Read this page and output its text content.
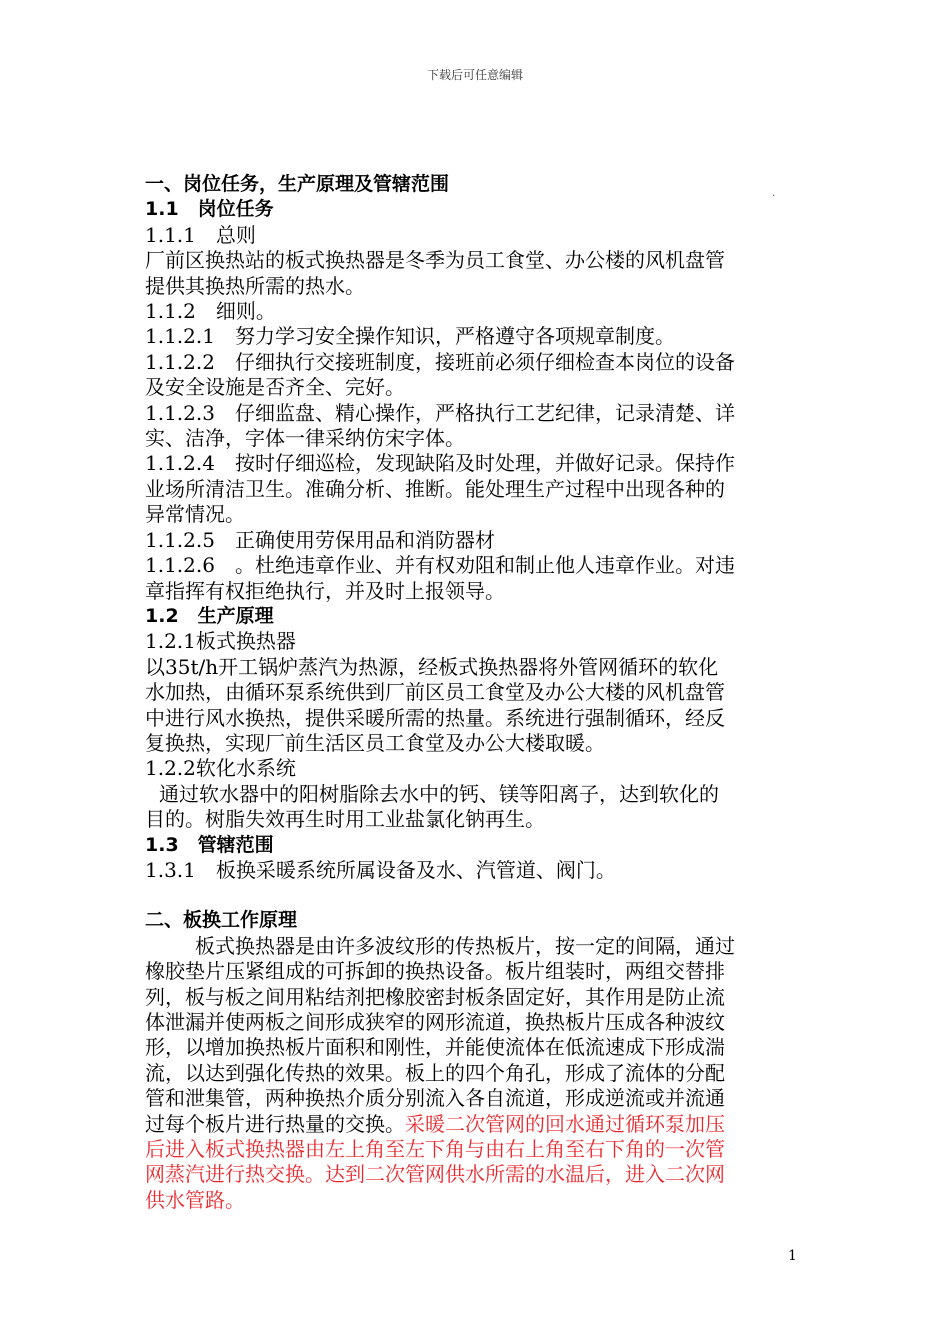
下载后可任意编辑
.
一、岗位任务，生产原理及管辖范围
1.1　岗位任务
1.1.1　总则
厂前区换热站的板式换热器是冬季为员工食堂、办公楼的风机盘管
提供其换热所需的热水。
1.1.2　细则。
1.1.2.1　努力学习安全操作知识，严格遵守各项规章制度。
1.1.2.2　仔细执行交接班制度，接班前必须仔细检查本岗位的设备
及安全设施是否齐全、完好。
1.1.2.3　仔细监盘、精心操作，严格执行工艺纪律，记录清楚、详
实、洁净，字体一律采纳仿宋字体。
1.1.2.4　按时仔细巡检，发现缺陷及时处理，并做好记录。保持作
业场所清洁卫生。准确分析、推断。能处理生产过程中出现各种的
异常情况。
1.1.2.5　正确使用劳保用品和消防器材
1.1.2.6　。杜绝违章作业、并有权劝阻和制止他人违章作业。对违
章指挥有权拒绝执行，并及时上报领导。
1.2　生产原理
1.2.1板式换热器
以35t/h开工锅炉蒸汽为热源，经板式换热器将外管网循环的软化
水加热，由循环泵系统供到厂前区员工食堂及办公大楼的风机盘管
中进行风水换热，提供采暖所需的热量。系统进行强制循环，经反
复换热，实现厂前生活区员工食堂及办公大楼取暖。
1.2.2软化水系统
通过软水器中的阳树脂除去水中的钙、镁等阳离子，达到软化的
目的。树脂失效再生时用工业盐氯化钠再生。
1.3　管辖范围
1.3.1　板换采暖系统所属设备及水、汽管道、阀门。
二、板换工作原理
板式换热器是由许多波纹形的传热板片，按一定的间隔，通过
橡胶垫片压紧组成的可拆卸的换热设备。板片组装时，两组交替排
列，板与板之间用粘结剂把橡胶密封板条固定好，其作用是防止流
体泄漏并使两板之间形成狭窄的网形流道，换热板片压成各种波纹
形，以增加换热板片面积和刚性，并能使流体在低流速成下形成湍
流，以达到强化传热的效果。板上的四个角孔，形成了流体的分配
管和泄集管，两种换热介质分别流入各自流道，形成逆流或并流通
过每个板片进行热量的交换。采暖二次管网的回水通过循环泵加压
后进入板式换热器由左上角至左下角与由右上角至右下角的一次管
网蒸汽进行热交换。达到二次管网供水所需的水温后，进入二次网
供水管路。
1
